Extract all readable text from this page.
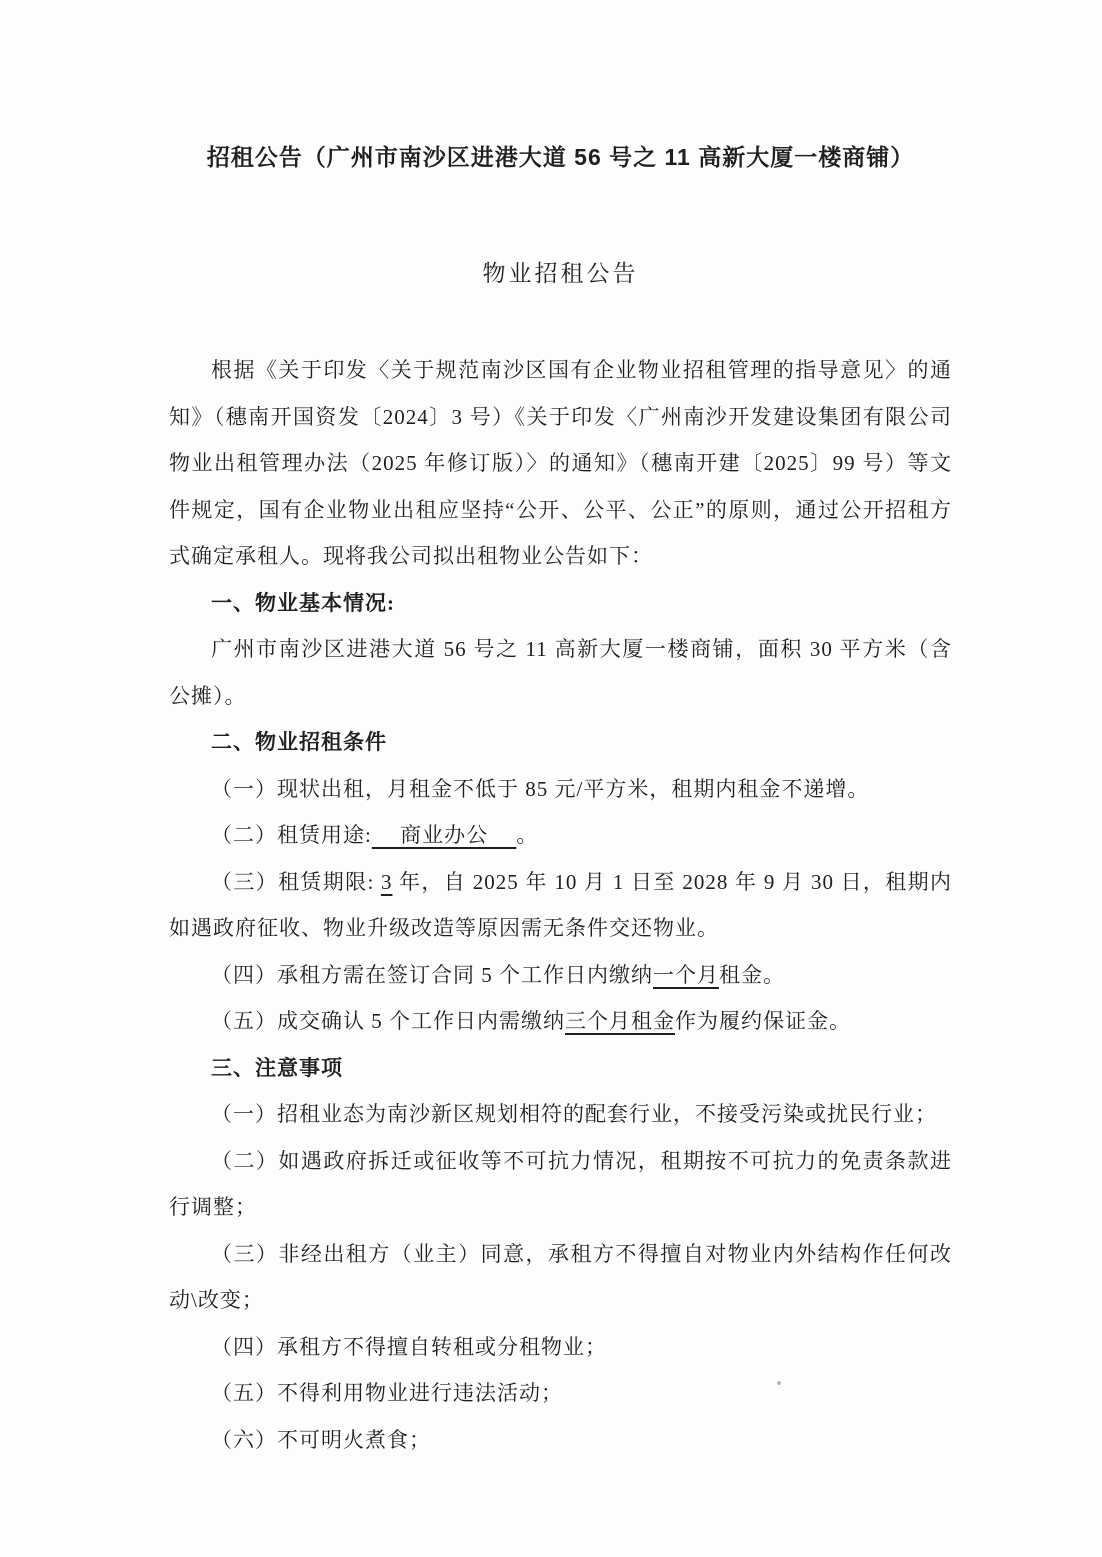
招租公告（广州市南沙区进港大道 56 号之 11 高新大厦一楼商铺）
物业招租公告

根据《关于印发〈关于规范南沙区国有企业物业招租管理的指导意见〉的通知》（穗南开国资发〔2024〕3 号）《关于印发〈广州南沙开发建设集团有限公司物业出租管理办法（2025 年修订版）〉的通知》（穗南开建〔2025〕99 号）等文件规定，国有企业物业出租应坚持“公开、公平、公正”的原则，通过公开招租方式确定承租人。现将我公司拟出租物业公告如下：

一、物业基本情况:

广州市南沙区进港大道 56 号之 11 高新大厦一楼商铺，面积 30 平方米（含公摊）。

二、物业招租条件

（一）现状出租，月租金不低于 85 元/平方米，租期内租金不递增。

（二）租赁用途:　 商业办公 　。

（三）租赁期限: 3 年，自 2025 年 10 月 1 日至 2028 年 9 月 30 日，租期内如遇政府征收、物业升级改造等原因需无条件交还物业。

（四）承租方需在签订合同 5 个工作日内缴纳一个月租金。

（五）成交确认 5 个工作日内需缴纳三个月租金作为履约保证金。

三、注意事项

（一）招租业态为南沙新区规划相符的配套行业，不接受污染或扰民行业；

（二）如遇政府拆迁或征收等不可抗力情况，租期按不可抗力的免责条款进行调整；

（三）非经出租方（业主）同意，承租方不得擅自对物业内外结构作任何改动\改变；

（四）承租方不得擅自转租或分租物业；

（五）不得利用物业进行违法活动；

（六）不可明火煮食；
